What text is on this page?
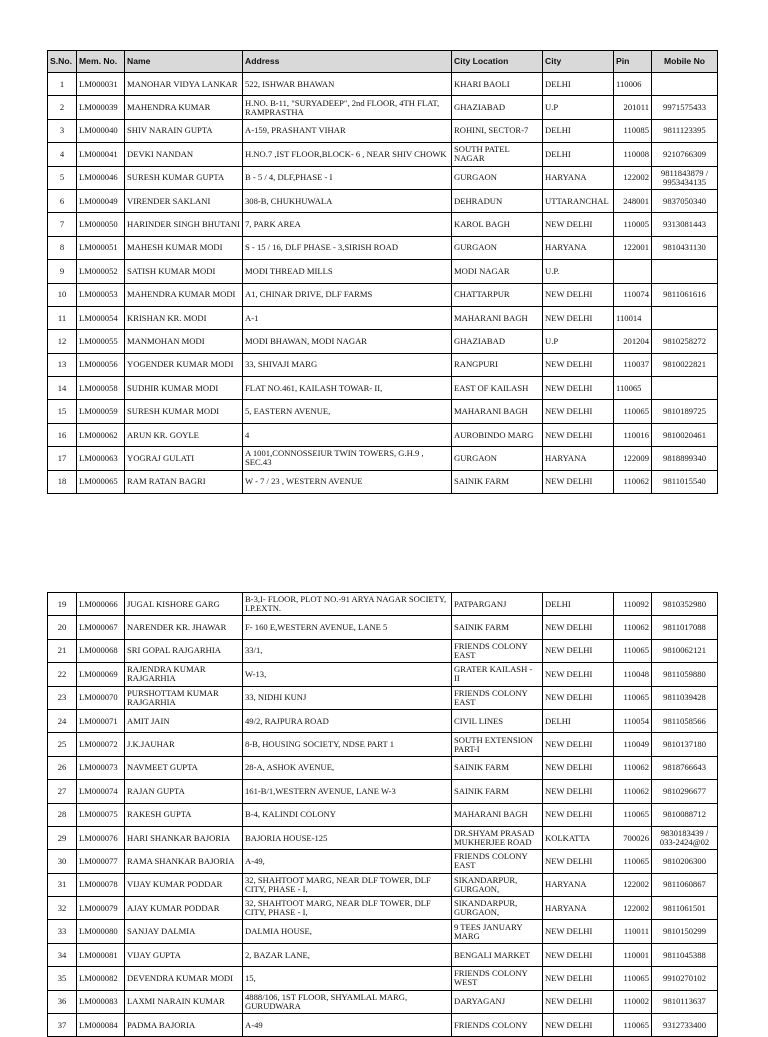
S.No.	Mem. No.	Name	Address	City Location	City	Pin	Mobile No
1	LM000031	MANOHAR VIDYA LANKAR	522, ISHWAR BHAWAN	KHARI BAOLI	DELHI	110006	
2	LM000039	MAHENDRA KUMAR	H.NO. B-11, "SURYADEEP", 2nd FLOOR, 4TH FLAT, RAMPRASTHA	GHAZIABAD	U.P	201011	9971575433
3	LM000040	SHIV NARAIN GUPTA	A-159, PRASHANT VIHAR	ROHINI, SECTOR-7	DELHI	110085	9811123395
4	LM000041	DEVKI NANDAN	H.NO.7 ,IST FLOOR,BLOCK- 6 , NEAR SHIV CHOWK	SOUTH PATEL NAGAR	DELHI	110008	9210766309
5	LM000046	SURESH KUMAR GUPTA	B - 5 / 4, DLF,PHASE - I	GURGAON	HARYANA	122002	9811843879 / 9953434135
6	LM000049	VIRENDER SAKLANI	308-B, CHUKHUWALA	DEHRADUN	UTTARANCHAL	248001	9837050340
7	LM000050	HARINDER SINGH BHUTANI	7, PARK AREA	KAROL BAGH	NEW DELHI	110005	9313081443
8	LM000051	MAHESH KUMAR MODI	S - 15 / 16, DLF PHASE - 3,SIRISH ROAD	GURGAON	HARYANA	122001	9810431130
9	LM000052	SATISH KUMAR MODI	MODI THREAD MILLS	MODI NAGAR	U.P.		
10	LM000053	MAHENDRA KUMAR MODI	A1, CHINAR DRIVE, DLF FARMS	CHATTARPUR	NEW DELHI	110074	9811061616
11	LM000054	KRISHAN KR. MODI	A-1	MAHARANI BAGH	NEW DELHI	110014	
12	LM000055	MANMOHAN MODI	MODI BHAWAN, MODI NAGAR	GHAZIABAD	U.P	201204	9810258272
13	LM000056	YOGENDER KUMAR MODI	33, SHIVAJI MARG	RANGPURI	NEW DELHI	110037	9810022821
14	LM000058	SUDHIR KUMAR MODI	FLAT NO.461, KAILASH TOWAR- II,	EAST OF KAILASH	NEW DELHI	110065	
15	LM000059	SURESH KUMAR MODI	5, EASTERN AVENUE,	MAHARANI BAGH	NEW DELHI	110065	9810189725
16	LM000062	ARUN KR. GOYLE	4	AUROBINDO MARG	NEW DELHI	110016	9810020461
17	LM000063	YOGRAJ GULATI	A 1001,CONNOSSEIUR TWIN TOWERS, G.H.9 , SEC.43	GURGAON	HARYANA	122009	9818899340
18	LM000065	RAM RATAN BAGRI	W - 7 / 23 , WESTERN AVENUE	SAINIK FARM	NEW DELHI	110062	9811015540
19	LM000066	JUGAL KISHORE GARG	B-3,I- FLOOR, PLOT NO.-91 ARYA NAGAR SOCIETY, I.P.EXTN.	PATPARGANJ	DELHI	110092	9810352980
20	LM000067	NARENDER KR. JHAWAR	F- 160 E,WESTERN AVENUE, LANE 5	SAINIK FARM	NEW DELHI	110062	9811017088
21	LM000068	SRI GOPAL RAJGARHIA	33/1,	FRIENDS COLONY EAST	NEW DELHI	110065	9810062121
22	LM000069	RAJENDRA KUMAR RAJGARHIA	W-13,	GRATER KAILASH - II	NEW DELHI	110048	9811059880
23	LM000070	PURSHOTTAM KUMAR RAJGARHIA	33, NIDHI KUNJ	FRIENDS COLONY EAST	NEW DELHI	110065	9811039428
24	LM000071	AMIT JAIN	49/2, RAJPURA ROAD	CIVIL LINES	DELHI	110054	9811058566
25	LM000072	J.K.JAUHAR	8-B, HOUSING SOCIETY, NDSE PART 1	SOUTH EXTENSION PART-I	NEW DELHI	110049	9810137180
26	LM000073	NAVMEET GUPTA	28-A, ASHOK AVENUE,	SAINIK FARM	NEW DELHI	110062	9818766643
27	LM000074	RAJAN GUPTA	161-B/1,WESTERN AVENUE, LANE W-3	SAINIK FARM	NEW DELHI	110062	9810296677
28	LM000075	RAKESH GUPTA	B-4, KALINDI COLONY	MAHARANI BAGH	NEW DELHI	110065	9810088712
29	LM000076	HARI SHANKAR BAJORIA	BAJORIA HOUSE-125	DR.SHYAM PRASAD MUKHERJEE ROAD	KOLKATTA	700026	9830183439 / 033-2424@02
30	LM000077	RAMA SHANKAR BAJORIA	A-49,	FRIENDS COLONY EAST	NEW DELHI	110065	9810206300
31	LM000078	VIJAY KUMAR PODDAR	32, SHAHTOOT MARG, NEAR DLF TOWER, DLF CITY, PHASE - I,	SIKANDARPUR, GURGAON,	HARYANA	122002	9811060867
32	LM000079	AJAY KUMAR PODDAR	32, SHAHTOOT MARG, NEAR DLF TOWER, DLF CITY, PHASE - I,	SIKANDARPUR, GURGAON,	HARYANA	122002	9811061501
33	LM000080	SANJAY DALMIA	DALMIA HOUSE,	9 TEES JANUARY MARG	NEW DELHI	110011	9810150299
34	LM000081	VIJAY GUPTA	2, BAZAR LANE,	BENGALI MARKET	NEW DELHI	110001	9811045388
35	LM000082	DEVENDRA KUMAR MODI	15,	FRIENDS COLONY WEST	NEW DELHI	110065	9910270102
36	LM000083	LAXMI NARAIN KUMAR	4888/106, 1ST FLOOR, SHYAMLAL MARG, GURUDWARA	DARYAGANJ	NEW DELHI	110002	9810113637
37	LM000084	PADMA BAJORIA	A-49	FRIENDS COLONY	NEW DELHI	110065	9312733400
